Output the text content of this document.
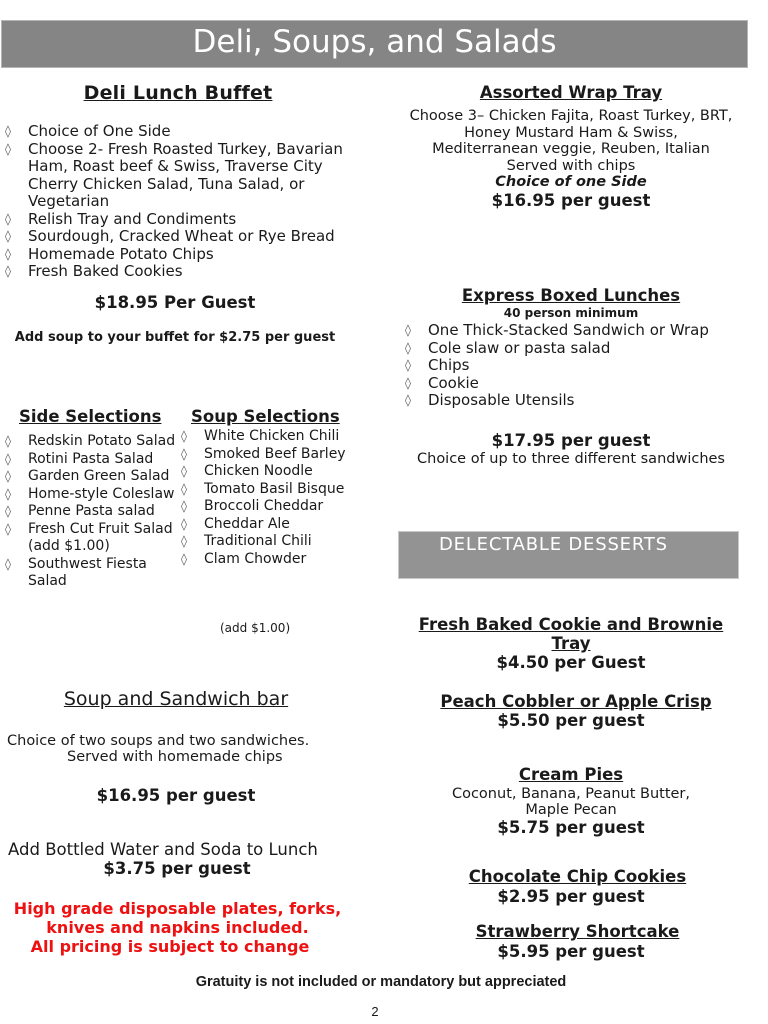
Deli, Soups, and Salads
Deli Lunch Buffet
◊ Choice of One Side
◊ Choose 2- Fresh Roasted Turkey, Bavarian Ham, Roast beef & Swiss, Traverse City Cherry Chicken Salad, Tuna Salad, or Vegetarian
◊ Relish Tray and Condiments
◊ Sourdough, Cracked Wheat or Rye Bread
◊ Homemade Potato Chips
◊ Fresh Baked Cookies
$18.95 Per Guest
Add soup to your buffet for $2.75 per guest
Side Selections
◊ Redskin Potato Salad
◊ Rotini Pasta Salad
◊ Garden Green Salad
◊ Home-style Coleslaw
◊ Penne Pasta salad
◊ Fresh Cut Fruit Salad (add $1.00)
◊ Southwest Fiesta Salad
Soup Selections
◊ White Chicken Chili
◊ Smoked Beef Barley
◊ Chicken Noodle
◊ Tomato Basil Bisque
◊ Broccoli Cheddar
◊ Cheddar Ale
◊ Traditional Chili
◊ Clam Chowder
(add $1.00)
Soup and Sandwich bar
Choice of two soups and two sandwiches.
Served with homemade chips
$16.95 per guest
Add Bottled Water and Soda to Lunch
$3.75 per guest
High grade disposable plates, forks,
knives and napkins included.
All pricing is subject to change
Assorted Wrap Tray
Choose 3– Chicken Fajita, Roast Turkey, BRT,
Honey Mustard Ham & Swiss,
Mediterranean veggie, Reuben, Italian
Served with chips
Choice of one Side
$16.95 per guest
Express Boxed Lunches
40 person minimum
◊ One Thick-Stacked Sandwich or Wrap
◊ Cole slaw or pasta salad
◊ Chips
◊ Cookie
◊ Disposable Utensils
$17.95 per guest
Choice of up to three different sandwiches
DELECTABLE DESSERTS
Fresh Baked Cookie and Brownie
Tray
$4.50 per Guest
Peach Cobbler or Apple Crisp
$5.50 per guest
Cream Pies
Coconut, Banana, Peanut Butter,
Maple Pecan
$5.75 per guest
Chocolate Chip Cookies
$2.95 per guest
Strawberry Shortcake
$5.95 per guest
Gratuity is not included or mandatory but appreciated
2
